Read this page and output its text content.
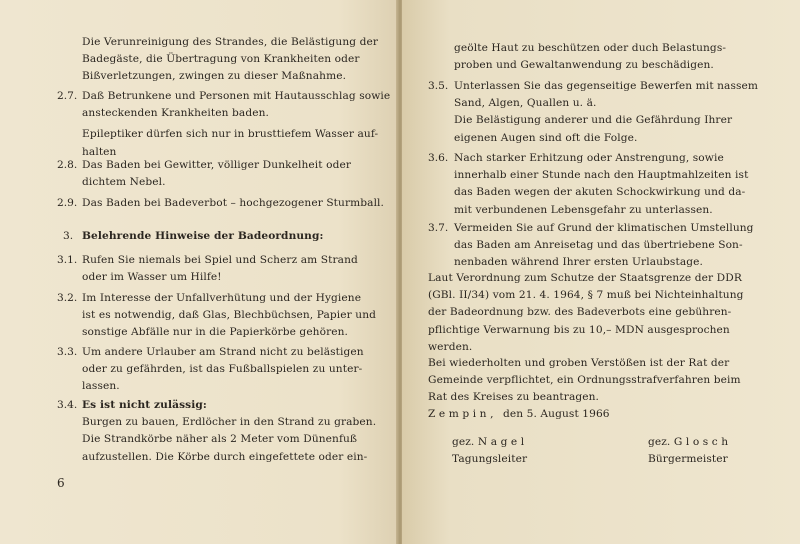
Die Verunreinigung des Strandes, die Belästigung der
Badegäste, die Übertragung von Krankheiten oder
Bißverletzungen, zwingen zu dieser Maßnahme.
2.7. Daß Betrunkene und Personen mit Hautausschlag sowie
ansteckenden Krankheiten baden.
Epileptiker dürfen sich nur in brusttiefem Wasser auf-
halten
2.8. Das Baden bei Gewitter, völliger Dunkelheit oder
dichtem Nebel.
2.9. Das Baden bei Badeverbot – hochgezogener Sturmball.
3. Belehrende Hinweise der Badeordnung:
3.1. Rufen Sie niemals bei Spiel und Scherz am Strand
oder im Wasser um Hilfe!
3.2. Im Interesse der Unfallverhütung und der Hygiene
ist es notwendig, daß Glas, Blechbüchsen, Papier und
sonstige Abfälle nur in die Papierkörbe gehören.
3.3. Um andere Urlauber am Strand nicht zu belästigen
oder zu gefährden, ist das Fußballspielen zu unter-
lassen.
3.4. Es ist nicht zulässig:
Burgen zu bauen, Erdlöcher in den Strand zu graben.
Die Strandkörbe näher als 2 Meter vom Dünenfuß
aufzustellen. Die Körbe durch eingefettete oder ein-
6
geölte Haut zu beschützen oder duch Belastungs-
proben und Gewaltanwendung zu beschädigen.
3.5. Unterlassen Sie das gegenseitige Bewerfen mit nassem
Sand, Algen, Quallen u. ä.
Die Belästigung anderer und die Gefährdung Ihrer
eigenen Augen sind oft die Folge.
3.6. Nach starker Erhitzung oder Anstrengung, sowie
innerhalb einer Stunde nach den Hauptmahlzeiten ist
das Baden wegen der akuten Schockwirkung und da-
mit verbundenen Lebensgefahr zu unterlassen.
3.7. Vermeiden Sie auf Grund der klimatischen Umstellung
das Baden am Anreisetag und das übertriebene Son-
nenbaden während Ihrer ersten Urlaubstage.
Laut Verordnung zum Schutze der Staatsgrenze der DDR
(GBl. II/34) vom 21. 4. 1964, § 7 muß bei Nichteinhaltung
der Badeordnung bzw. des Badeverbots eine gebühren-
pflichtige Verwarnung bis zu 10,– MDN ausgesprochen
werden.
Bei wiederholten und groben Verstößen ist der Rat der
Gemeinde verpflichtet, ein Ordnungsstrafverfahren beim
Rat des Kreises zu beantragen.
Z e m p i n , den 5. August 1966
gez. N a g e l
Tagungsleiter
gez. G l o s c h
Bürgermeister
